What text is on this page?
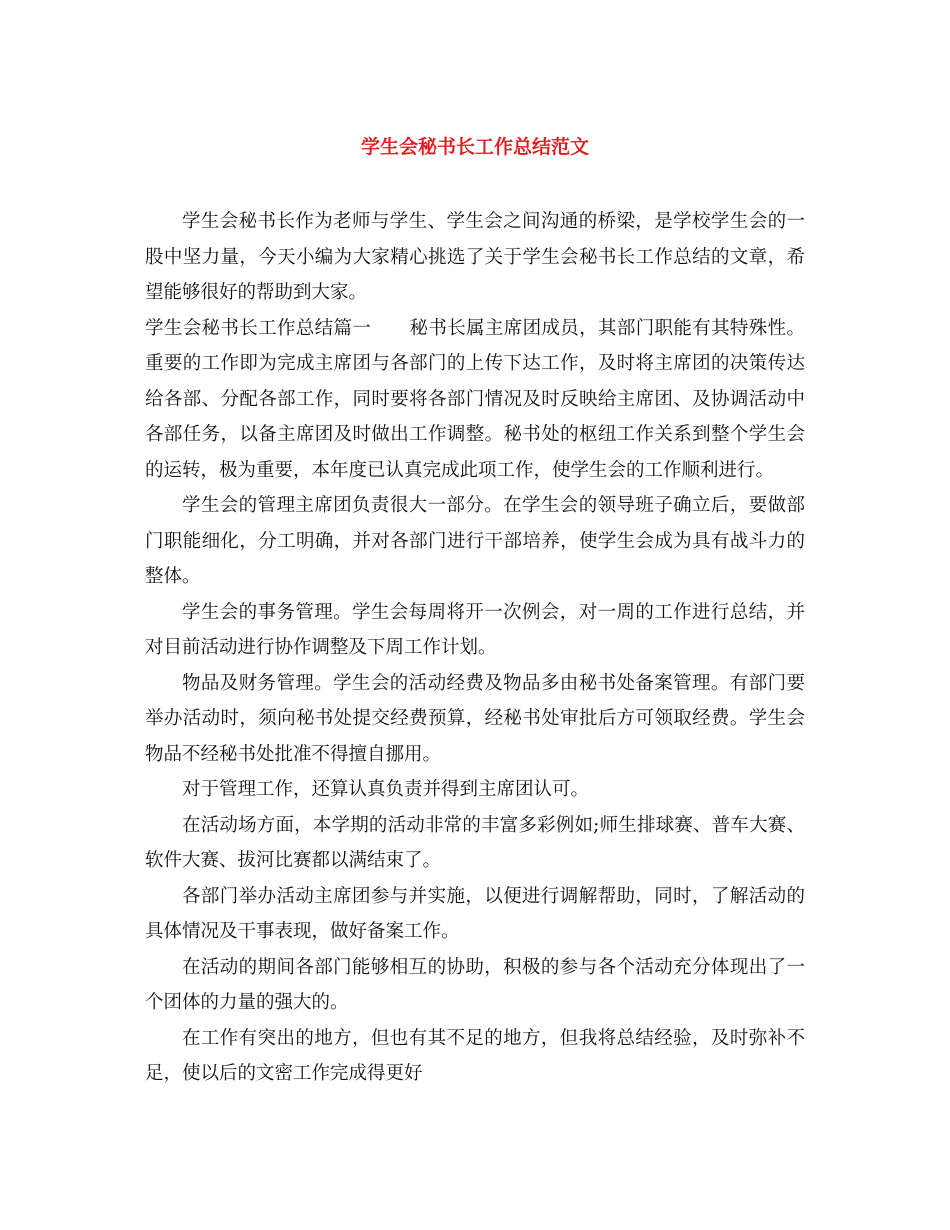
学生会秘书长工作总结范文

学生会秘书长作为老师与学生、学生会之间沟通的桥梁，是学校学生会的一股中坚力量，今天小编为大家精心挑选了关于学生会秘书长工作总结的文章，希望能够很好的帮助到大家。

学生会秘书长工作总结篇一 秘书长属主席团成员，其部门职能有其特殊性。重要的工作即为完成主席团与各部门的上传下达工作，及时将主席团的决策传达给各部、分配各部工作，同时要将各部门情况及时反映给主席团、及协调活动中各部任务，以备主席团及时做出工作调整。秘书处的枢纽工作关系到整个学生会的运转，极为重要，本年度已认真完成此项工作，使学生会的工作顺利进行。

学生会的管理主席团负责很大一部分。在学生会的领导班子确立后，要做部门职能细化，分工明确，并对各部门进行干部培养，使学生会成为具有战斗力的整体。

学生会的事务管理。学生会每周将开一次例会，对一周的工作进行总结，并对目前活动进行协作调整及下周工作计划。

物品及财务管理。学生会的活动经费及物品多由秘书处备案管理。有部门要举办活动时，须向秘书处提交经费预算，经秘书处审批后方可领取经费。学生会物品不经秘书处批准不得擅自挪用。

对于管理工作，还算认真负责并得到主席团认可。

在活动场方面，本学期的活动非常的丰富多彩例如;师生排球赛、普车大赛、软件大赛、拔河比赛都以满结束了。

各部门举办活动主席团参与并实施，以便进行调解帮助，同时，了解活动的具体情况及干事表现，做好备案工作。

在活动的期间各部门能够相互的协助，积极的参与各个活动充分体现出了一个团体的力量的强大的。

在工作有突出的地方，但也有其不足的地方，但我将总结经验，及时弥补不足，使以后的文密工作完成得更好
